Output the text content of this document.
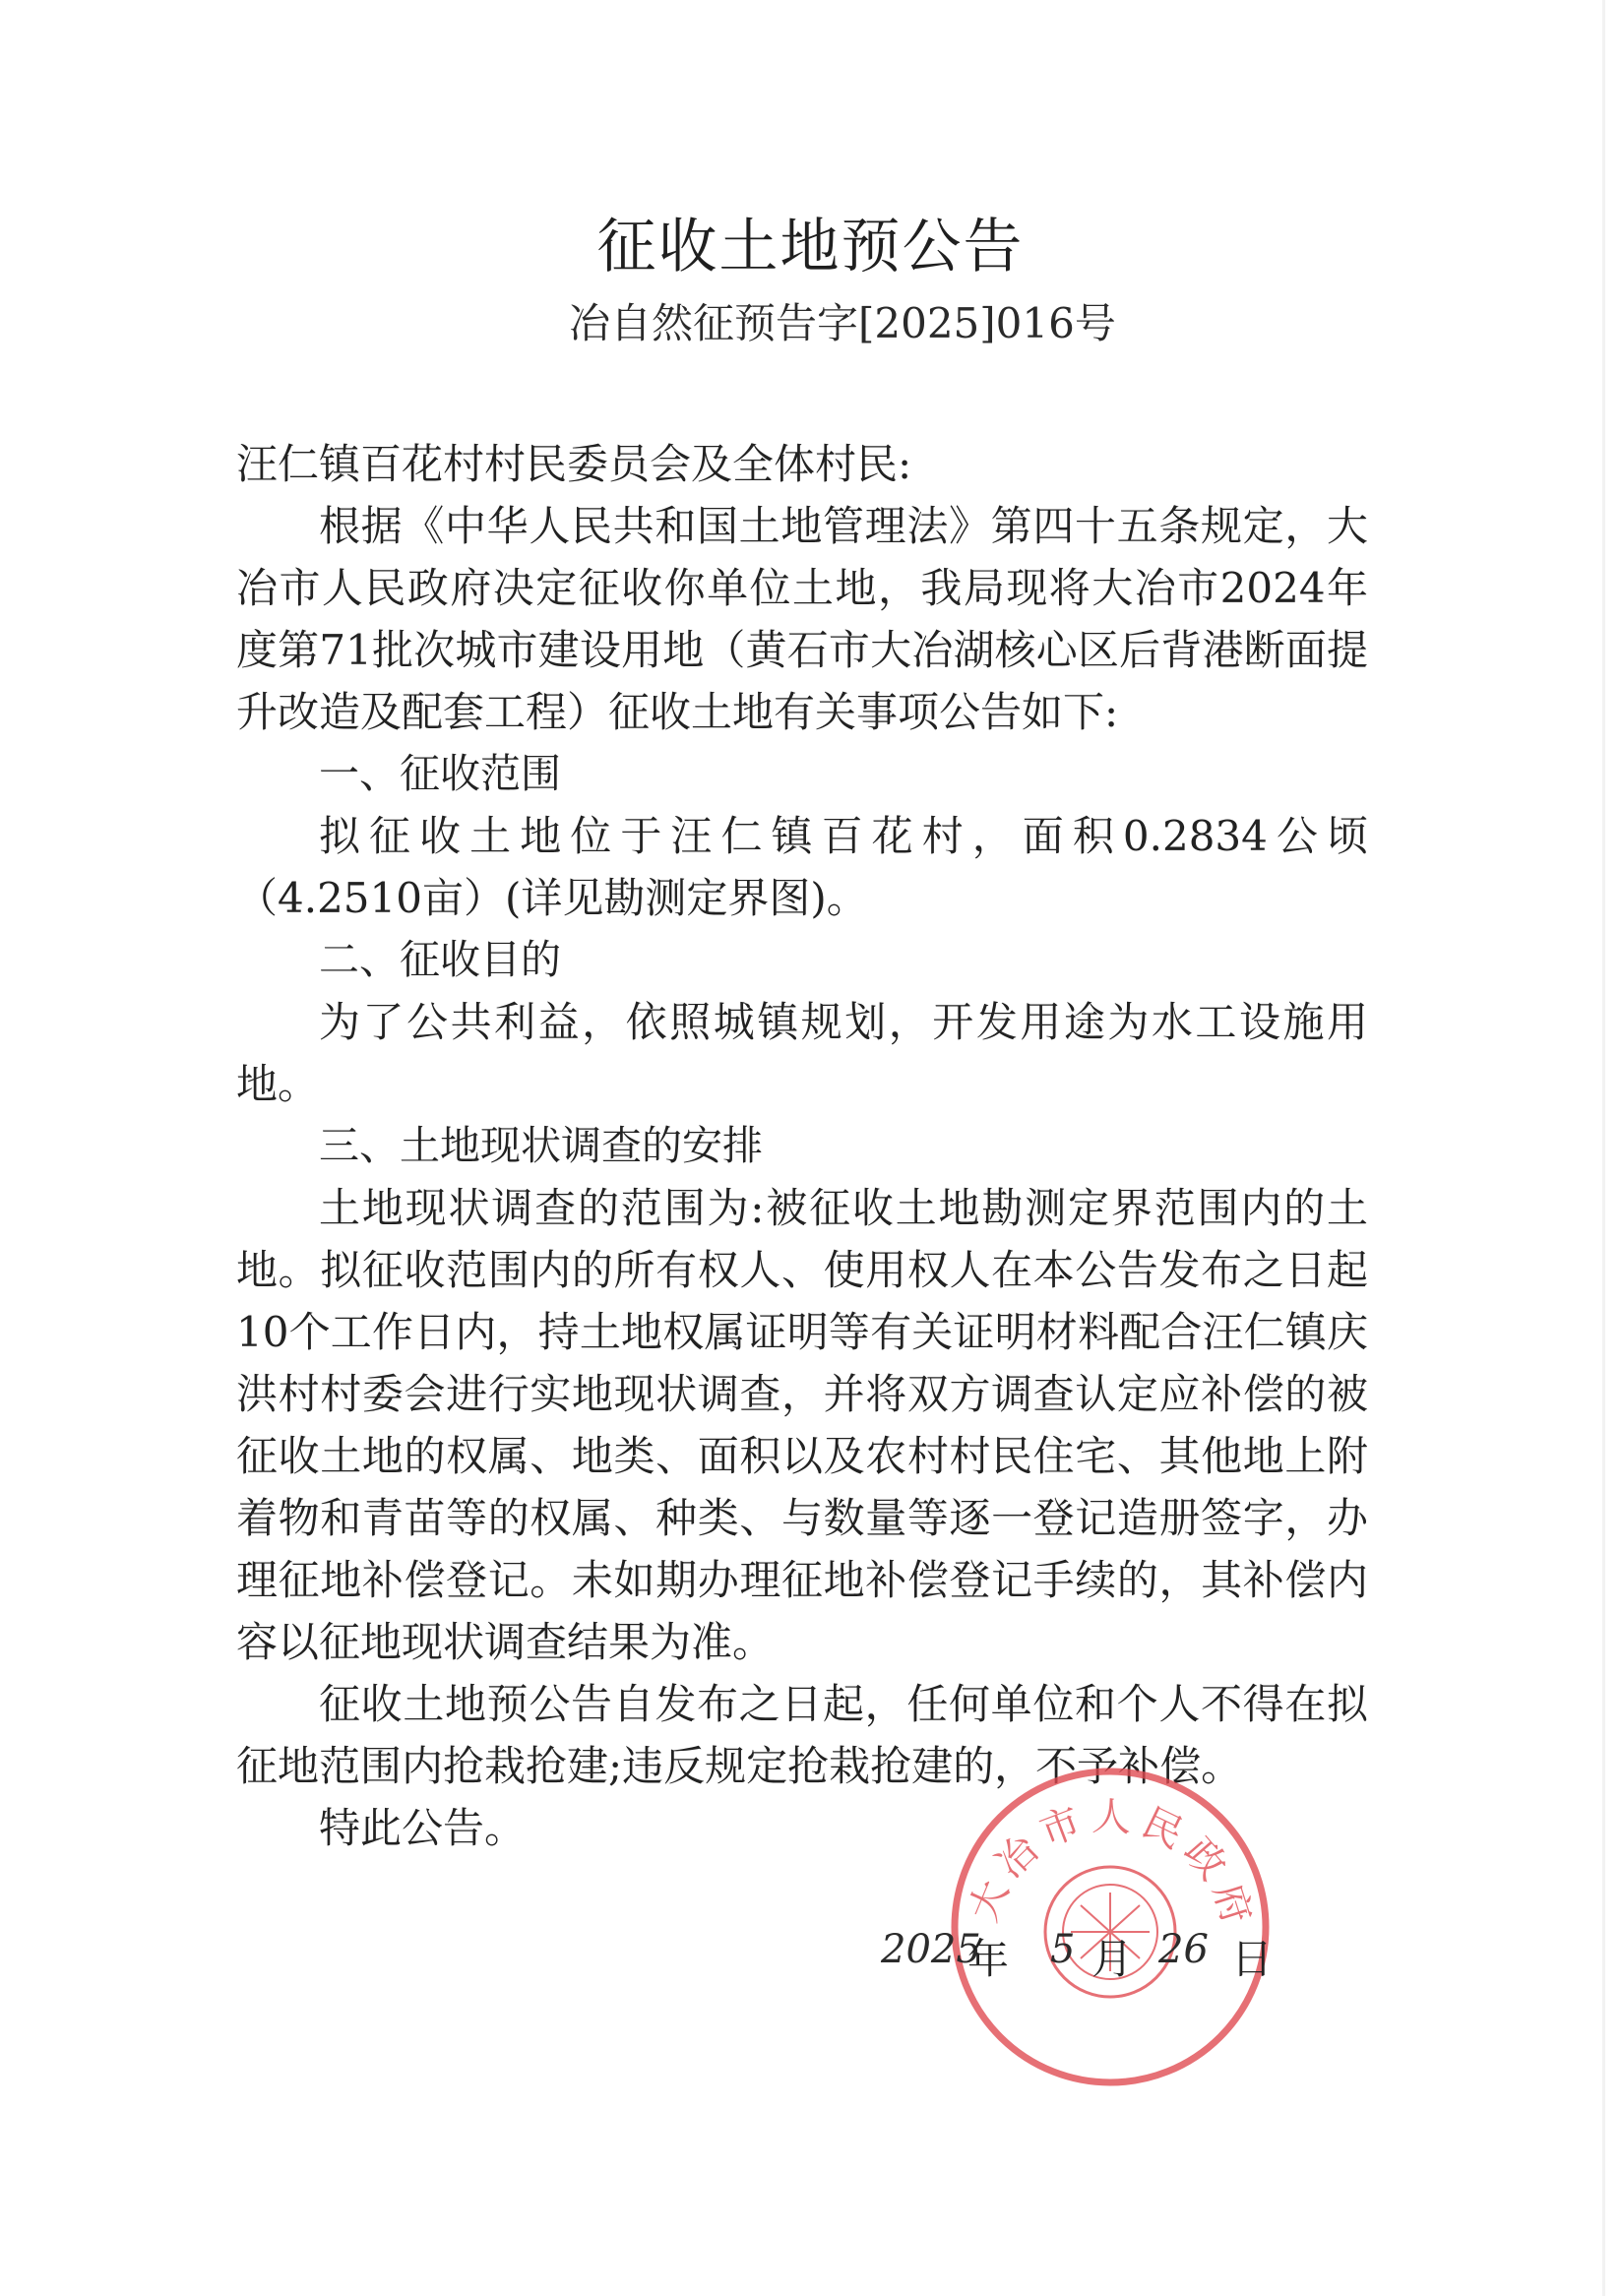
征收土地预公告
冶自然征预告字[2025]016号

汪仁镇百花村村民委员会及全体村民:

根据《中华人民共和国土地管理法》第四十五条规定，大冶市人民政府决定征收你单位土地，我局现将大冶市2024年度第71批次城市建设用地（黄石市大冶湖核心区后背港断面提升改造及配套工程）征收土地有关事项公告如下:

一、征收范围

拟征收土地位于汪仁镇百花村，面积0.2834公顷（4.2510亩）(详见勘测定界图)。

二、征收目的

为了公共利益，依照城镇规划，开发用途为水工设施用地。

三、土地现状调查的安排

土地现状调查的范围为:被征收土地勘测定界范围内的土地。拟征收范围内的所有权人、使用权人在本公告发布之日起10个工作日内，持土地权属证明等有关证明材料配合汪仁镇庆洪村村委会进行实地现状调查，并将双方调查认定应补偿的被征收土地的权属、地类、面积以及农村村民住宅、其他地上附着物和青苗等的权属、种类、与数量等逐一登记造册签字，办理征地补偿登记。未如期办理征地补偿登记手续的，其补偿内容以征地现状调查结果为准。

征收土地预公告自发布之日起，任何单位和个人不得在拟征地范围内抢栽抢建;违反规定抢栽抢建的，不予补偿。

特此公告。

大冶市人民政府
2025
年 5 月 26 日
